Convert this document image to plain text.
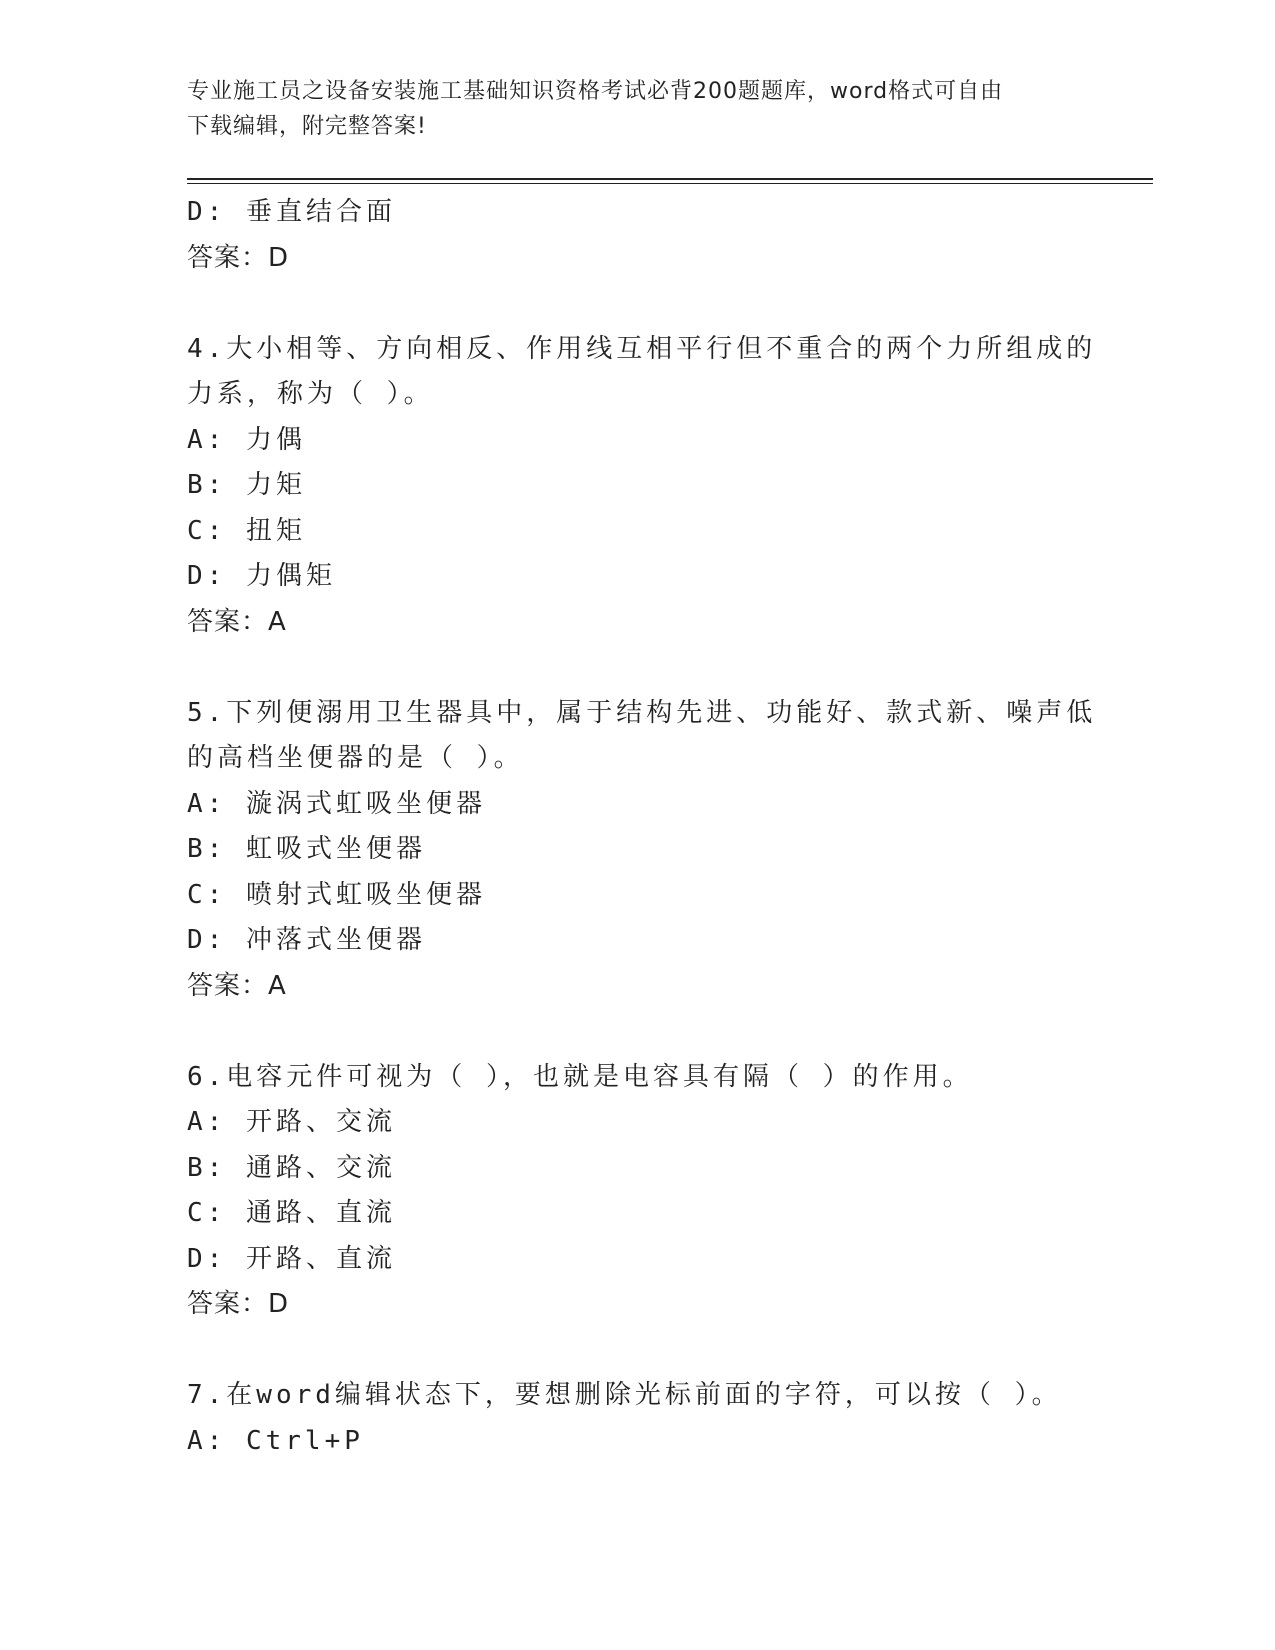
专业施工员之设备安装施工基础知识资格考试必背200题题库，word格式可自由
下载编辑，附完整答案!
D: 垂直结合面
答案：D
4.大小相等、方向相反、作用线互相平行但不重合的两个力所组成的
力系，称为（ ）。
A: 力偶
B: 力矩
C: 扭矩
D: 力偶矩
答案：A
5.下列便溺用卫生器具中，属于结构先进、功能好、款式新、噪声低
的高档坐便器的是（ ）。
A: 漩涡式虹吸坐便器
B: 虹吸式坐便器
C: 喷射式虹吸坐便器
D: 冲落式坐便器
答案：A
6.电容元件可视为（ ），也就是电容具有隔（ ）的作用。
A: 开路、交流
B: 通路、交流
C: 通路、直流
D: 开路、直流
答案：D
7.在word编辑状态下，要想删除光标前面的字符，可以按（ ）。
A: Ctrl+P
